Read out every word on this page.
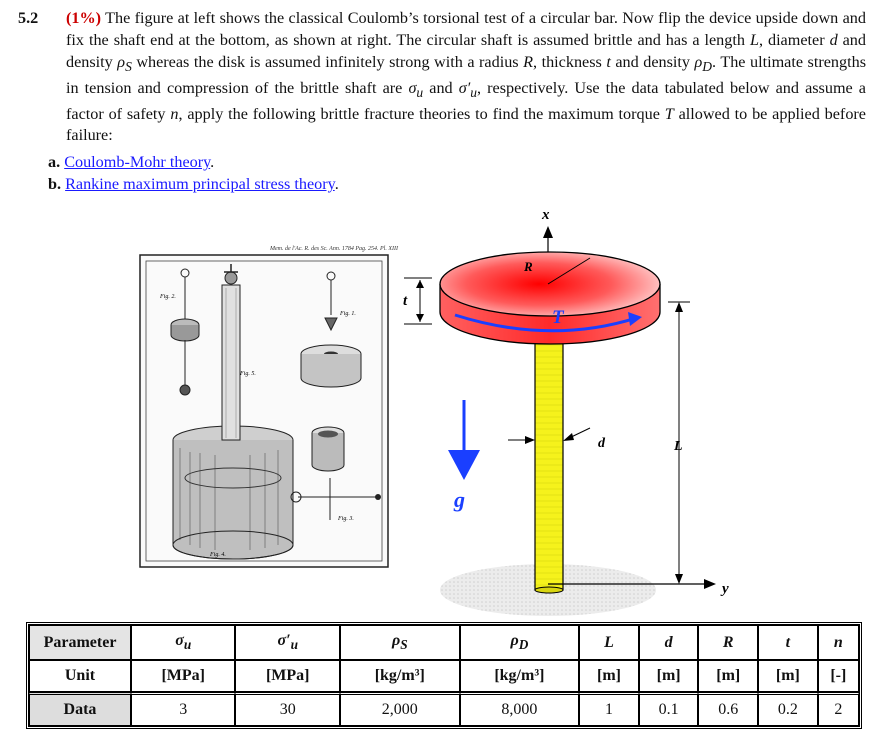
5.2 (1%) The figure at left shows the classical Coulomb’s torsional test of a circular bar. Now flip the device upside down and fix the shaft end at the bottom, as shown at right. The circular shaft is assumed brittle and has a length L, diameter d and density $\rho_S$ whereas the disk is assumed infinitely strong with a radius R, thickness t and density $\rho_D$. The ultimate strengths in tension and compression of the brittle shaft are $\sigma_u$ and $\sigma'_u$, respectively. Use the data tabulated below and assume a factor of safety n, apply the following brittle fracture theories to find the maximum torque T allowed to be applied before failure:
a. Coulomb-Mohr theory.
b. Rankine maximum principal stress theory.
Mem. de l'Ac. R. des Sc. Ann. 1784 Pag. 254. Pl. XIII
Fig. 2.
Fig. 1.
Fig. 3.
Fig. 4.
Fig. 5.
t
x
R
T
d
g
L
y
Parameter	$\sigma_u$	$\sigma'_u$	$\rho_S$	$\rho_D$	L	d	R	t	n
Unit	[MPa]	[MPa]	[kg/m³]	[kg/m³]	[m]	[m]	[m]	[m]	[-]
Data	3	30	2,000	8,000	1	0.1	0.6	0.2	2
